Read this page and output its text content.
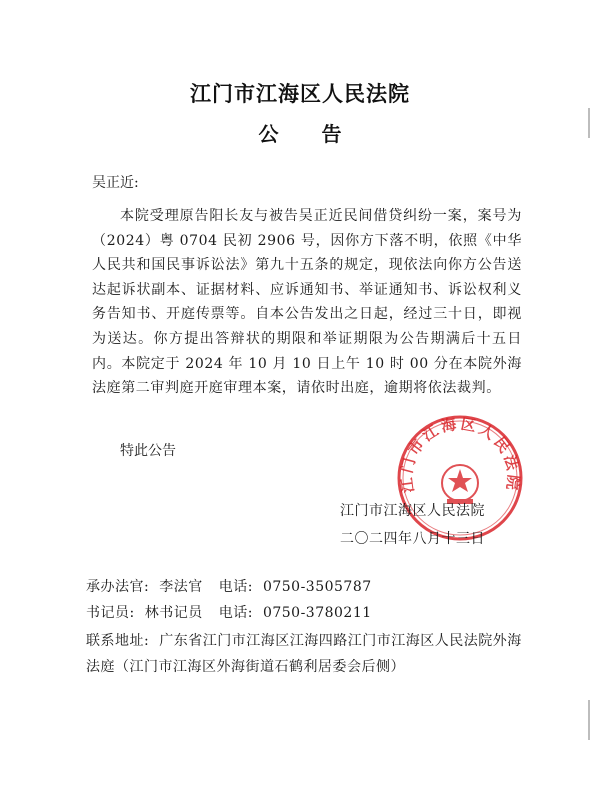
江门市江海区人民法院
公 告
吴正近:
本院受理原告阳长友与被告吴正近民间借贷纠纷一案，案号为（2024）粤 0704 民初 2906 号，因你方下落不明，依照《中华人民共和国民事诉讼法》第九十五条的规定，现依法向你方公告送达起诉状副本、证据材料、应诉通知书、举证通知书、诉讼权利义务告知书、开庭传票等。自本公告发出之日起，经过三十日，即视为送达。你方提出答辩状的期限和举证期限为公告期满后十五日内。本院定于 2024 年 10 月 10 日上午 10 时 00 分在本院外海法庭第二审判庭开庭审理本案，请依时出庭，逾期将依法裁判。
特此公告
江门市江海区人民法院
江门市江海区人民法院
二〇二四年八月十三日
承办法官: 李法官 电话: 0750-3505787
书记员: 林书记员 电话: 0750-3780211
联系地址: 广东省江门市江海区江海四路江门市江海区人民法院外海法庭（江门市江海区外海街道石鹤利居委会后侧）
